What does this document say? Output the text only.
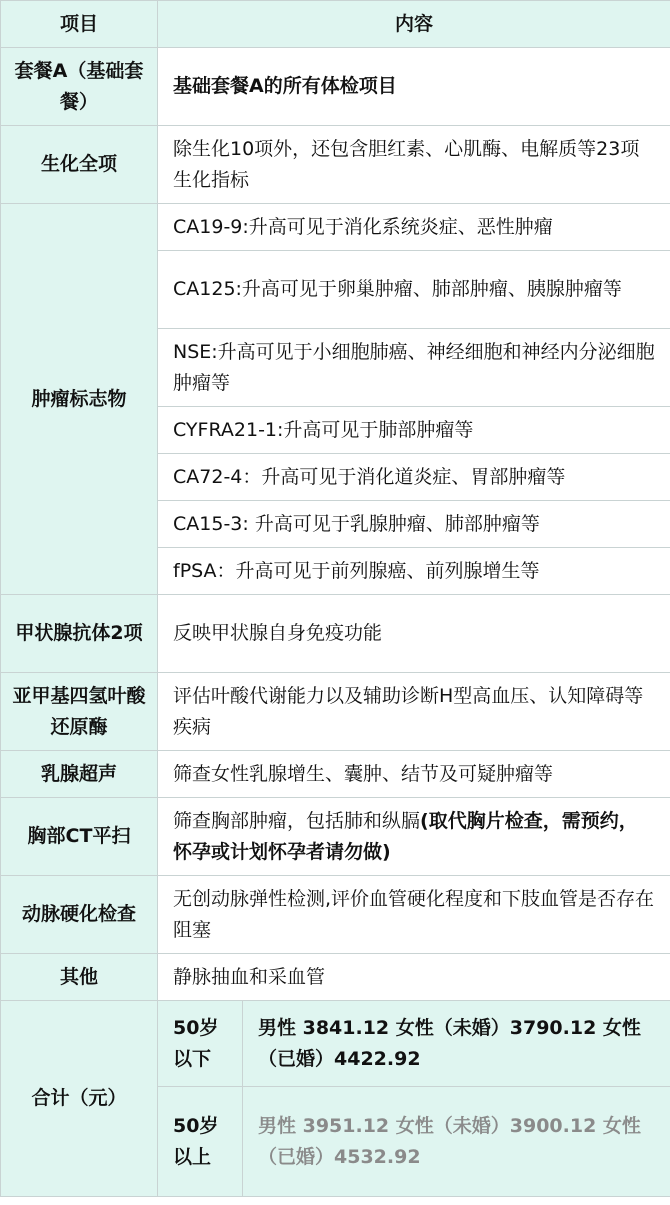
项目	内容	
套餐A（基础套餐）	基础套餐A的所有体检项目	
生化全项	除生化10项外，还包含胆红素、心肌酶、电解质等23项生化指标	
肿瘤标志物	CA19-9:升高可见于消化系统炎症、恶性肿瘤	
	CA125:升高可见于卵巢肿瘤、肺部肿瘤、胰腺肿瘤等	
	NSE:升高可见于小细胞肺癌、神经细胞和神经内分泌细胞肿瘤等	
	CYFRA21-1:升高可见于肺部肿瘤等	
	CA72-4：升高可见于消化道炎症、胃部肿瘤等	
	CA15-3: 升高可见于乳腺肿瘤、肺部肿瘤等	
	fPSA：升高可见于前列腺癌、前列腺增生等	
甲状腺抗体2项	反映甲状腺自身免疫功能	
亚甲基四氢叶酸还原酶	评估叶酸代谢能力以及辅助诊断H型高血压、认知障碍等疾病	
乳腺超声	筛查女性乳腺增生、囊肿、结节及可疑肿瘤等	
胸部CT平扫	筛查胸部肿瘤，包括肺和纵膈(取代胸片检查，需预约，怀孕或计划怀孕者请勿做)	
动脉硬化检查	无创动脉弹性检测,评价血管硬化程度和下肢血管是否存在阻塞	
其他	静脉抽血和采血管	
合计（元）	50岁以下	男性 3841.12 女性（未婚）3790.12 女性（已婚）4422.92
	50岁以上	男性 3951.12 女性（未婚）3900.12 女性（已婚）4532.92
